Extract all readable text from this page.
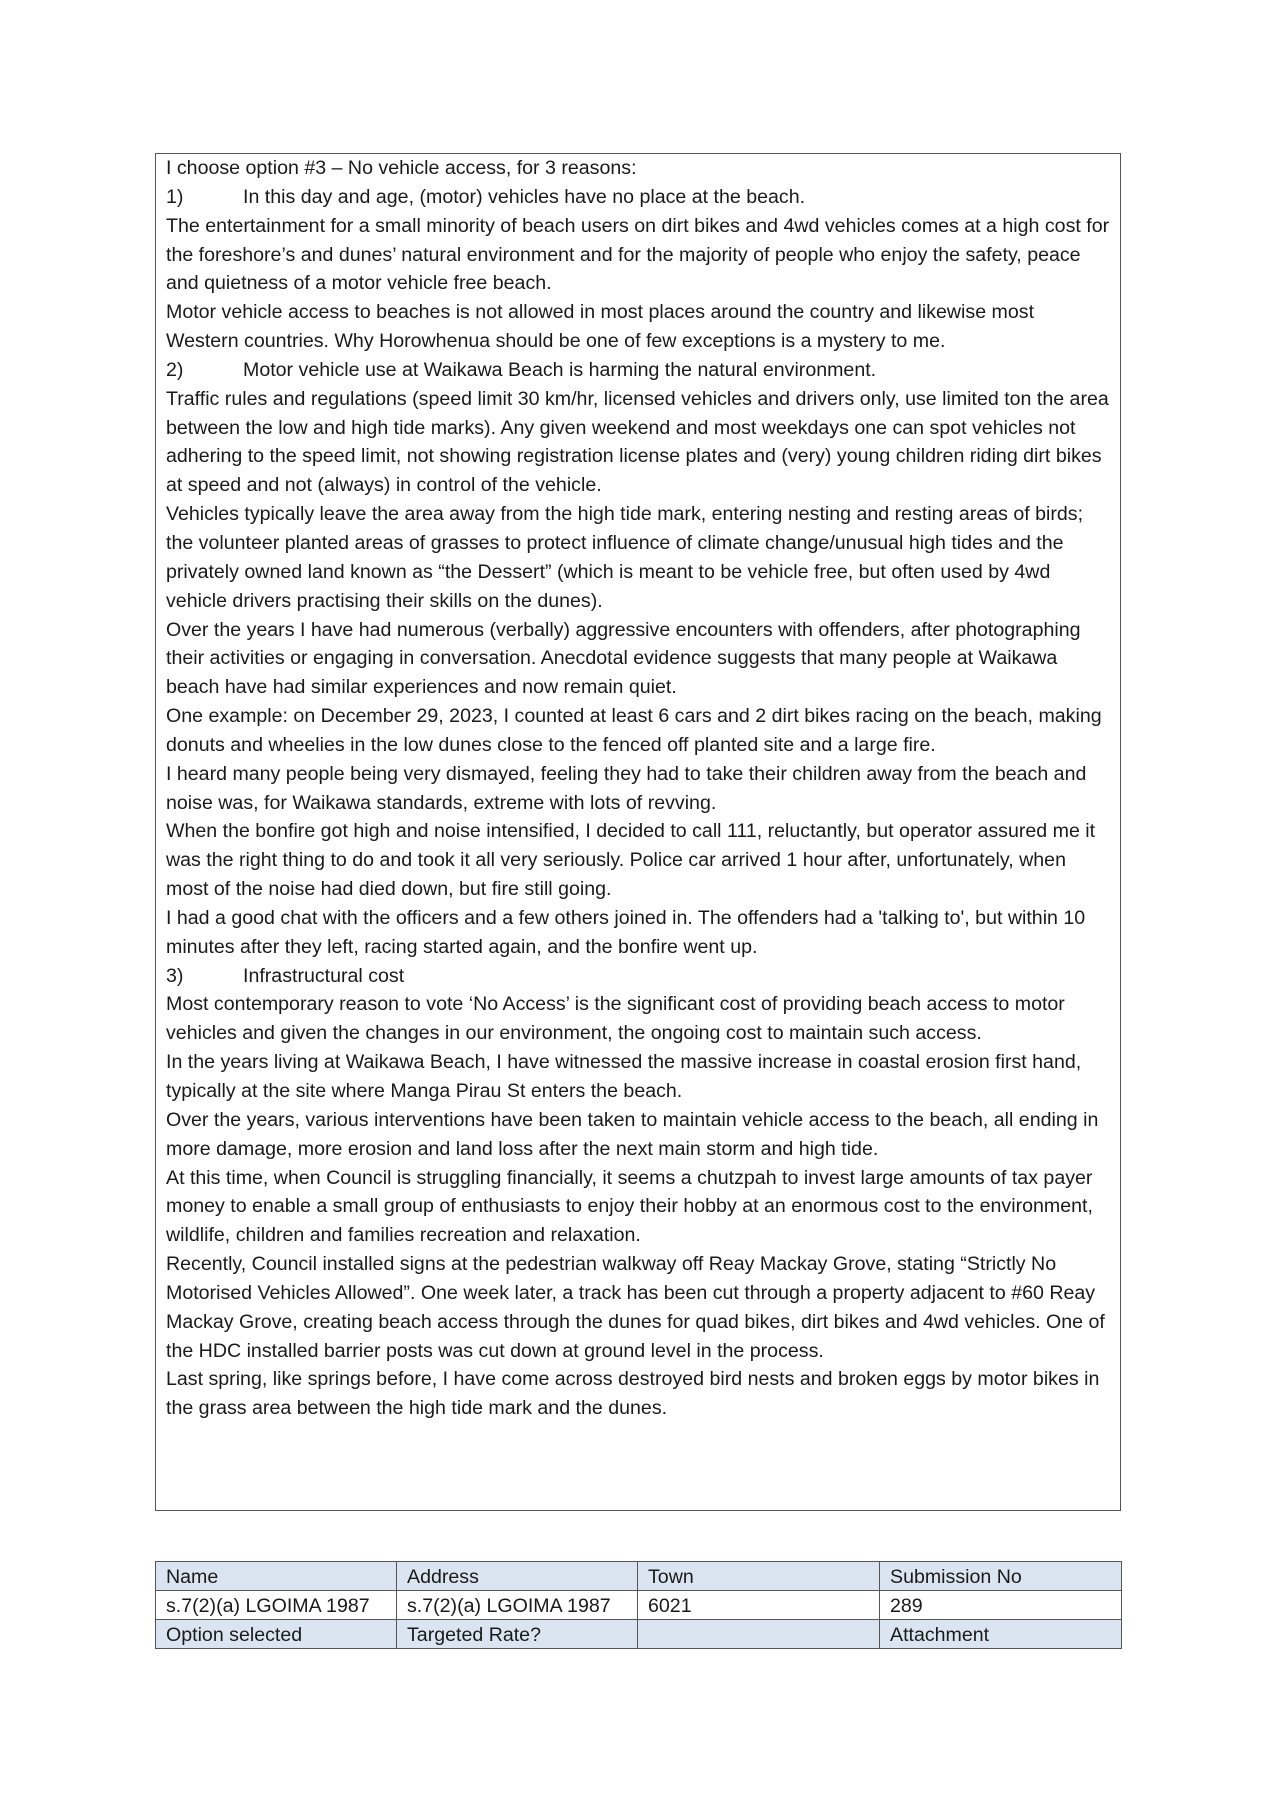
I choose option #3 – No vehicle access, for 3 reasons:

1)	In this day and age, (motor) vehicles have no place at the beach.

The entertainment for a small minority of beach users on dirt bikes and 4wd vehicles comes at a high cost for the foreshore’s and dunes’ natural environment and for the majority of people who enjoy the safety, peace and quietness of a motor vehicle free beach.

Motor vehicle access to beaches is not allowed in most places around the country and likewise most Western countries. Why Horowhenua should be one of few exceptions is a mystery to me.

2)	Motor vehicle use at Waikawa Beach is harming the natural environment.

Traffic rules and regulations (speed limit 30 km/hr, licensed vehicles and drivers only, use limited ton the area between the low and high tide marks). Any given weekend and most weekdays one can spot vehicles not adhering to the speed limit, not showing registration license plates and (very) young children riding dirt bikes at speed and not (always) in control of the vehicle.

Vehicles typically leave the area away from the high tide mark, entering nesting and resting areas of birds; the volunteer planted areas of grasses to protect influence of climate change/unusual high tides and the privately owned land known as “the Dessert” (which is meant to be vehicle free, but often used by 4wd vehicle drivers practising their skills on the dunes).

Over the years I have had numerous (verbally) aggressive encounters with offenders, after photographing their activities or engaging in conversation. Anecdotal evidence suggests that many people at Waikawa beach have had similar experiences and now remain quiet.

One example: on December 29, 2023, I counted at least 6 cars and 2 dirt bikes racing on the beach, making donuts and wheelies in the low dunes close to the fenced off planted site and a large fire.

I heard many people being very dismayed, feeling they had to take their children away from the beach and noise was, for Waikawa standards, extreme with lots of revving.

When the bonfire got high and noise intensified, I decided to call 111, reluctantly, but operator assured me it was the right thing to do and took it all very seriously. Police car arrived 1 hour after, unfortunately, when most of the noise had died down, but fire still going.

I had a good chat with the officers and a few others joined in. The offenders had a 'talking to', but within 10 minutes after they left, racing started again, and the bonfire went up.

3)	Infrastructural cost

Most contemporary reason to vote ‘No Access’ is the significant cost of providing beach access to motor vehicles and given the changes in our environment, the ongoing cost to maintain such access.

In the years living at Waikawa Beach, I have witnessed the massive increase in coastal erosion first hand, typically at the site where Manga Pirau St enters the beach.

Over the years, various interventions have been taken to maintain vehicle access to the beach, all ending in more damage, more erosion and land loss after the next main storm and high tide.

At this time, when Council is struggling financially, it seems a chutzpah to invest large amounts of tax payer money to enable a small group of enthusiasts to enjoy their hobby at an enormous cost to the environment, wildlife, children and families recreation and relaxation.

Recently, Council installed signs at the pedestrian walkway off Reay Mackay Grove, stating “Strictly No Motorised Vehicles Allowed”. One week later, a track has been cut through a property adjacent to #60 Reay Mackay Grove, creating beach access through the dunes for quad bikes, dirt bikes and 4wd vehicles. One of the HDC installed barrier posts was cut down at ground level in the process.

Last spring, like springs before, I have come across destroyed bird nests and broken eggs by motor bikes in the grass area between the high tide mark and the dunes.

Name	Address	Town	Submission No
s.7(2)(a) LGOIMA 1987	s.7(2)(a) LGOIMA 1987	6021	289
Option selected	Targeted Rate?		Attachment
